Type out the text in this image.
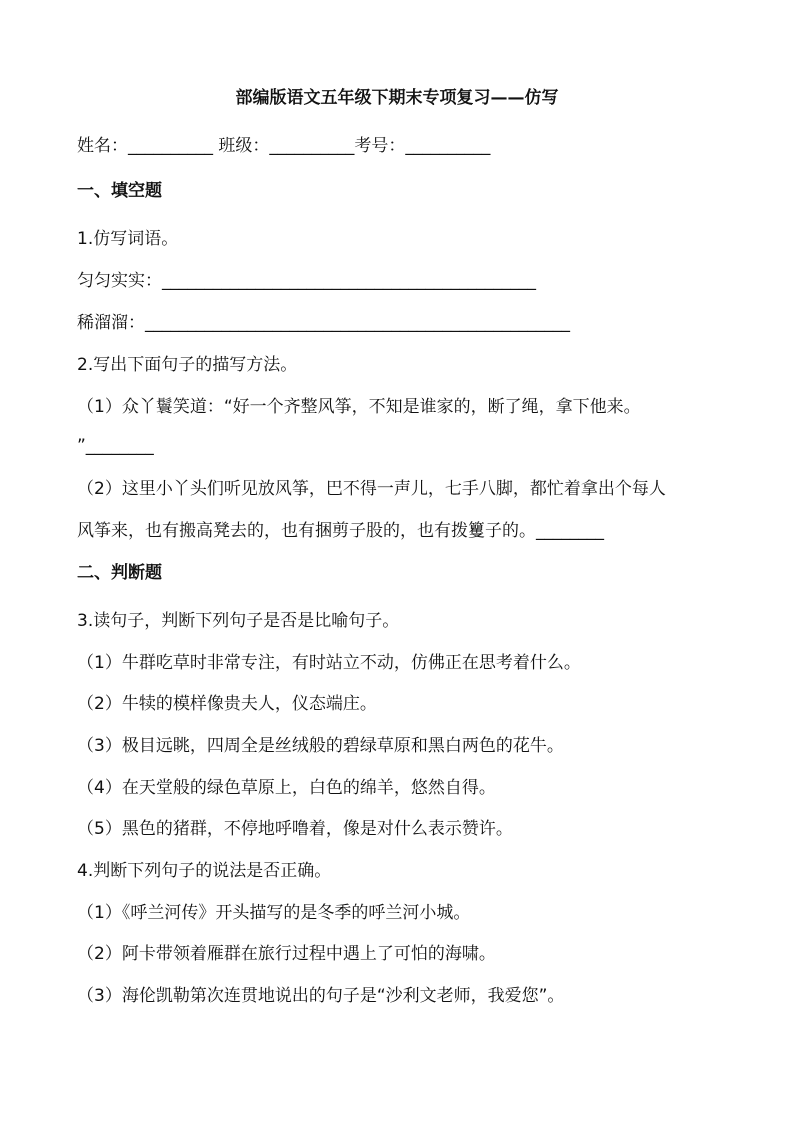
部编版语文五年级下期末专项复习——仿写
姓名：__________ 班级：__________考号：__________
一、填空题
1.仿写词语。
匀匀实实：____________________________________________
稀溜溜：__________________________________________________
2.写出下面句子的描写方法。
（1）众丫鬟笑道：“好一个齐整风筝，不知是谁家的，断了绳，拿下他来。
”________
（2）这里小丫头们听见放风筝，巴不得一声儿，七手八脚，都忙着拿出个每人
风筝来，也有搬高凳去的，也有捆剪子股的，也有拨籰子的。________
二、判断题
3.读句子，判断下列句子是否是比喻句子。
（1）牛群吃草时非常专注，有时站立不动，仿佛正在思考着什么。
（2）牛犊的模样像贵夫人，仪态端庄。
（3）极目远眺，四周全是丝绒般的碧绿草原和黑白两色的花牛。
（4）在天堂般的绿色草原上，白色的绵羊，悠然自得。
（5）黑色的猪群，不停地呼噜着，像是对什么表示赞许。
4.判断下列句子的说法是否正确。
（1）《呼兰河传》开头描写的是冬季的呼兰河小城。
（2）阿卡带领着雁群在旅行过程中遇上了可怕的海啸。
（3）海伦凯勒第次连贯地说出的句子是“沙利文老师，我爱您”。
